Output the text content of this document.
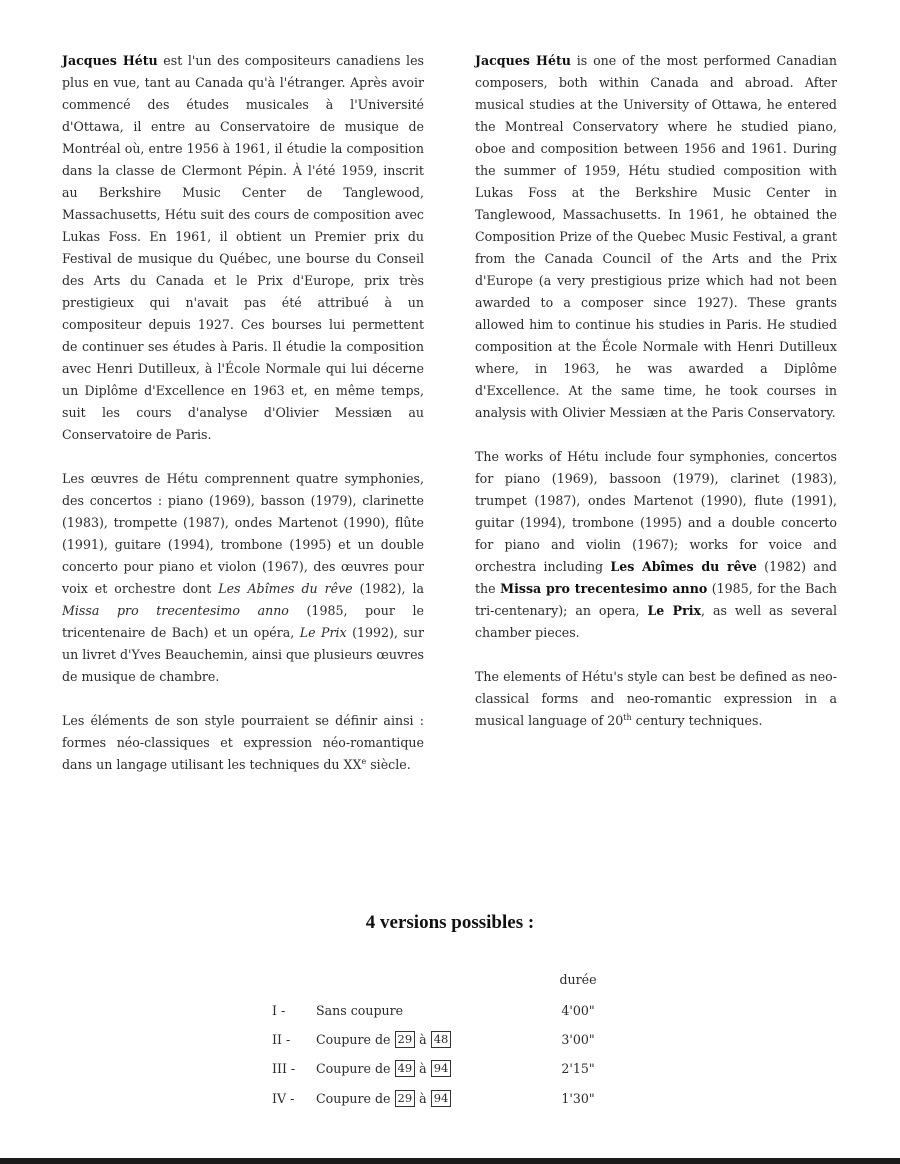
Jacques Hétu est l'un des compositeurs canadiens les plus en vue, tant au Canada qu'à l'étranger. Après avoir commencé des études musicales à l'Université d'Ottawa, il entre au Conservatoire de musique de Montréal où, entre 1956 à 1961, il étudie la composition dans la classe de Clermont Pépin. À l'été 1959, inscrit au Berkshire Music Center de Tanglewood, Massachusetts, Hétu suit des cours de composition avec Lukas Foss. En 1961, il obtient un Premier prix du Festival de musique du Québec, une bourse du Conseil des Arts du Canada et le Prix d'Europe, prix très prestigieux qui n'avait pas été attribué à un compositeur depuis 1927. Ces bourses lui permettent de continuer ses études à Paris. Il étudie la composition avec Henri Dutilleux, à l'École Normale qui lui décerne un Diplôme d'Excellence en 1963 et, en même temps, suit les cours d'analyse d'Olivier Messiæn au Conservatoire de Paris.

Les œuvres de Hétu comprennent quatre symphonies, des concertos : piano (1969), basson (1979), clarinette (1983), trompette (1987), ondes Martenot (1990), flûte (1991), guitare (1994), trombone (1995) et un double concerto pour piano et violon (1967), des œuvres pour voix et orchestre dont Les Abîmes du rêve (1982), la Missa pro trecentesimo anno (1985, pour le tricentenaire de Bach) et un opéra, Le Prix (1992), sur un livret d'Yves Beauchemin, ainsi que plusieurs œuvres de musique de chambre.

Les éléments de son style pourraient se définir ainsi : formes néo-classiques et expression néo-romantique dans un langage utilisant les techniques du XXe siècle.

Jacques Hétu is one of the most performed Canadian composers, both within Canada and abroad. After musical studies at the University of Ottawa, he entered the Montreal Conservatory where he studied piano, oboe and composition between 1956 and 1961. During the summer of 1959, Hétu studied composition with Lukas Foss at the Berkshire Music Center in Tanglewood, Massachusetts. In 1961, he obtained the Composition Prize of the Quebec Music Festival, a grant from the Canada Council of the Arts and the Prix d'Europe (a very prestigious prize which had not been awarded to a composer since 1927). These grants allowed him to continue his studies in Paris. He studied composition at the École Normale with Henri Dutilleux where, in 1963, he was awarded a Diplôme d'Excellence. At the same time, he took courses in analysis with Olivier Messiæn at the Paris Conservatory.

The works of Hétu include four symphonies, concertos for piano (1969), bassoon (1979), clarinet (1983), trumpet (1987), ondes Martenot (1990), flute (1991), guitar (1994), trombone (1995) and a double concerto for piano and violin (1967); works for voice and orchestra including Les Abîmes du rêve (1982) and the Missa pro trecentesimo anno (1985, for the Bach tri-centenary); an opera, Le Prix, as well as several chamber pieces.

The elements of Hétu's style can best be defined as neo-classical forms and neo-romantic expression in a musical language of 20th century techniques.

4 versions possibles :
durée
I -	Sans coupure	4'00"
II -	Coupure de 29 à 48	3'00"
III -	Coupure de 49 à 94	2'15"
IV -	Coupure de 29 à 94	1'30"
